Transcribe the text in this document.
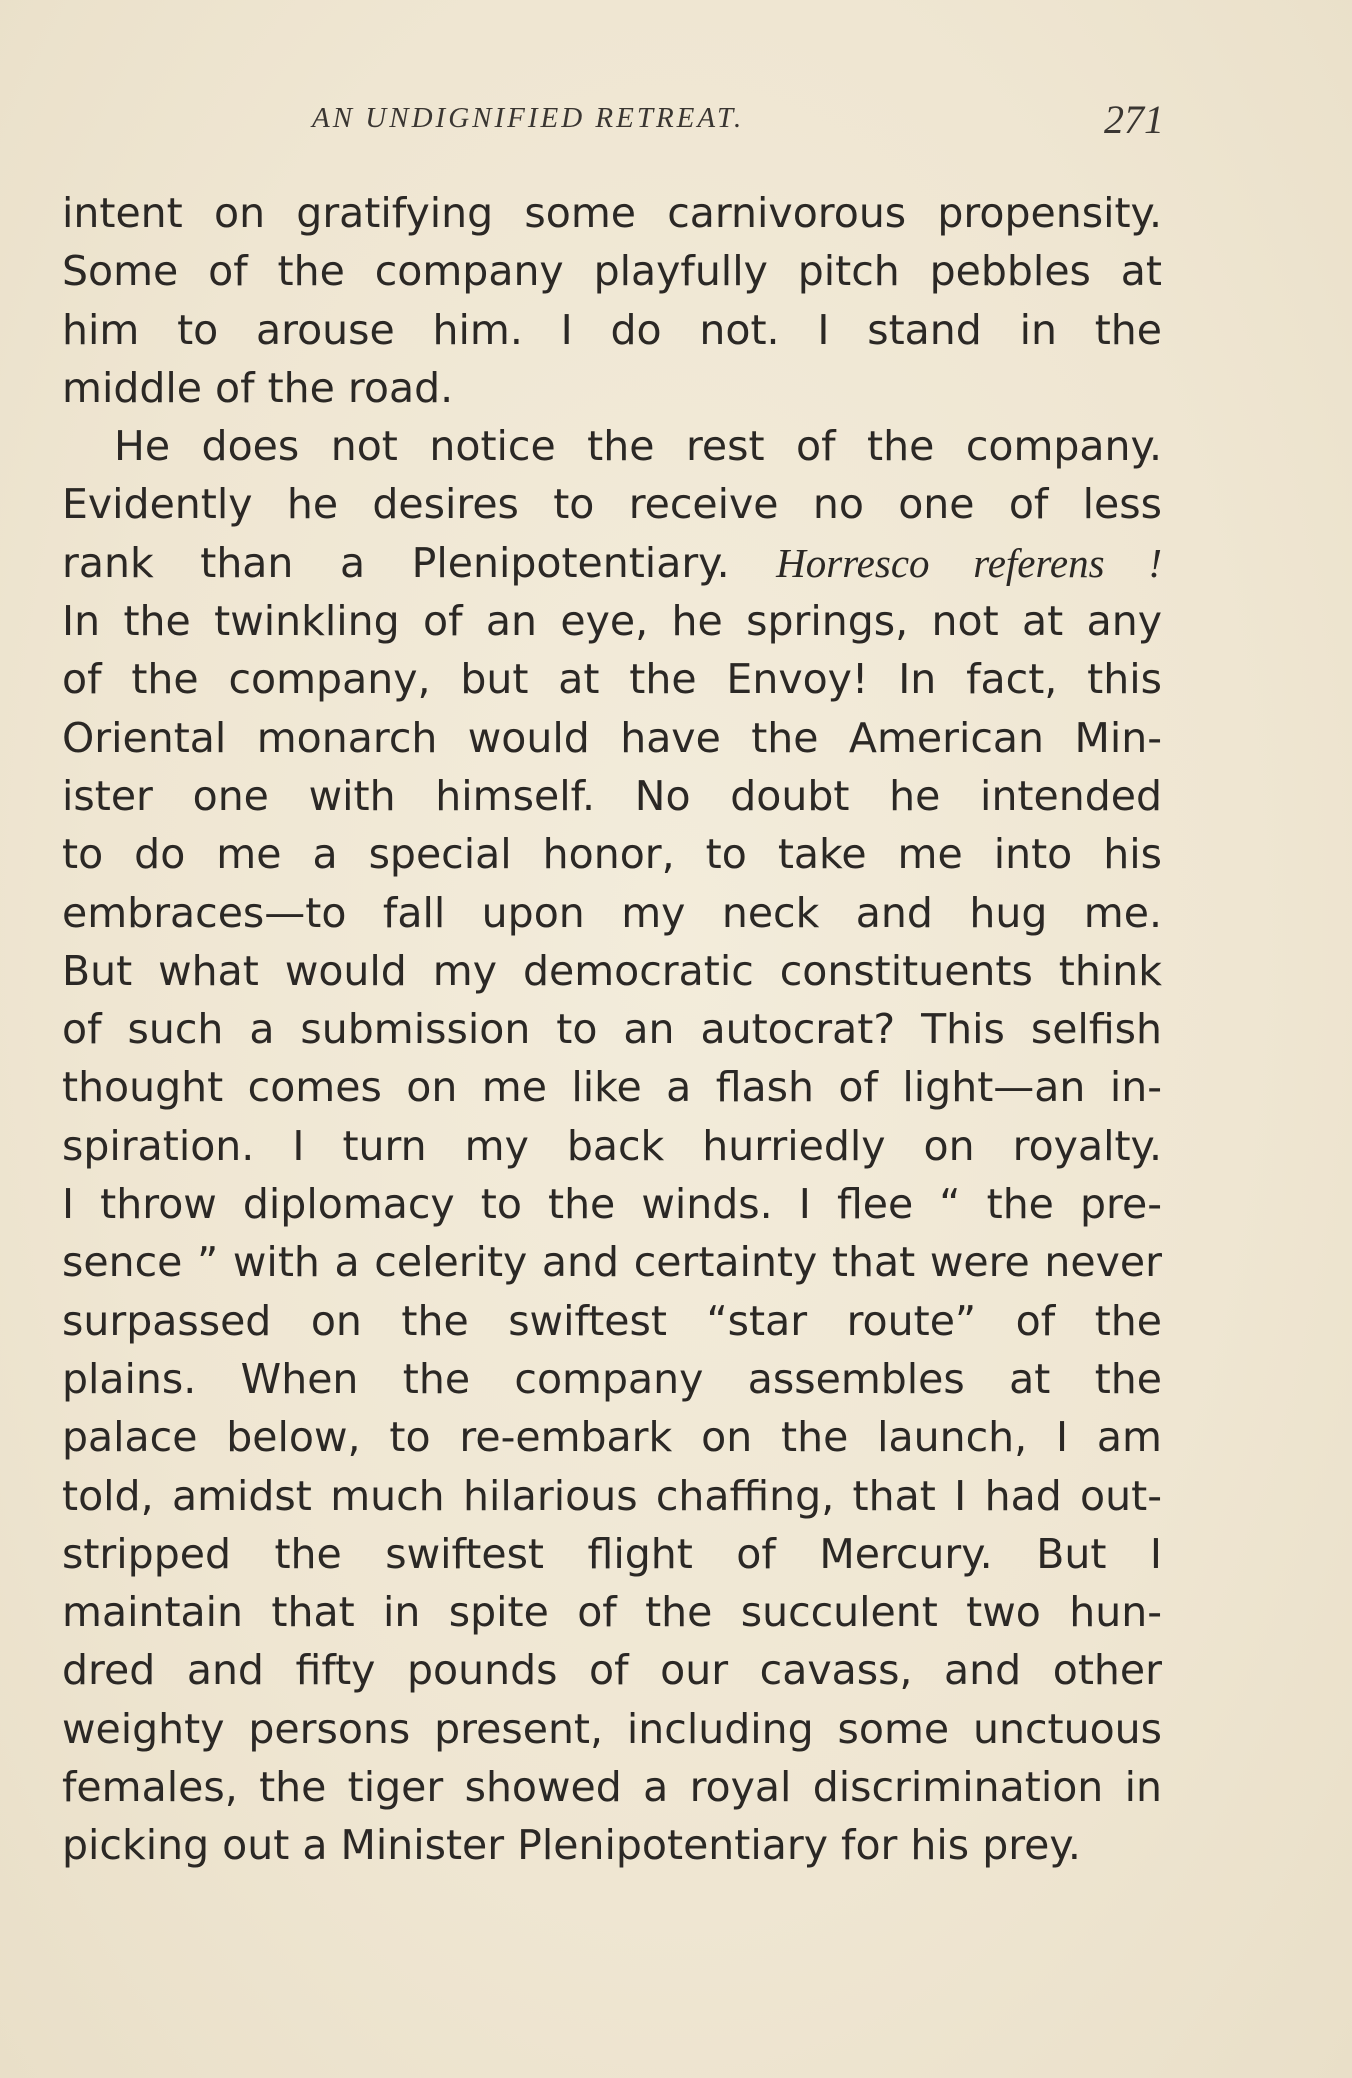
AN UNDIGNIFIED RETREAT.	271
intent on gratifying some carnivorous propensity.
Some of the company playfully pitch pebbles at
him to arouse him. I do not. I stand in the
middle of the road.
He does not notice the rest of the company.
Evidently he desires to receive no one of less
rank than a Plenipotentiary. Horresco referens !
In the twinkling of an eye, he springs, not at any
of the company, but at the Envoy! In fact, this
Oriental monarch would have the American Min-
ister one with himself. No doubt he intended
to do me a special honor, to take me into his
embraces—to fall upon my neck and hug me.
But what would my democratic constituents think
of such a submission to an autocrat? This selfish
thought comes on me like a flash of light—an in-
spiration. I turn my back hurriedly on royalty.
I throw diplomacy to the winds. I flee “ the pre-
sence ” with a celerity and certainty that were never
surpassed on the swiftest “star route” of the
plains. When the company assembles at the
palace below, to re-embark on the launch, I am
told, amidst much hilarious chaffing, that I had out-
stripped the swiftest flight of Mercury. But I
maintain that in spite of the succulent two hun-
dred and fifty pounds of our cavass, and other
weighty persons present, including some unctuous
females, the tiger showed a royal discrimination in
picking out a Minister Plenipotentiary for his prey.
